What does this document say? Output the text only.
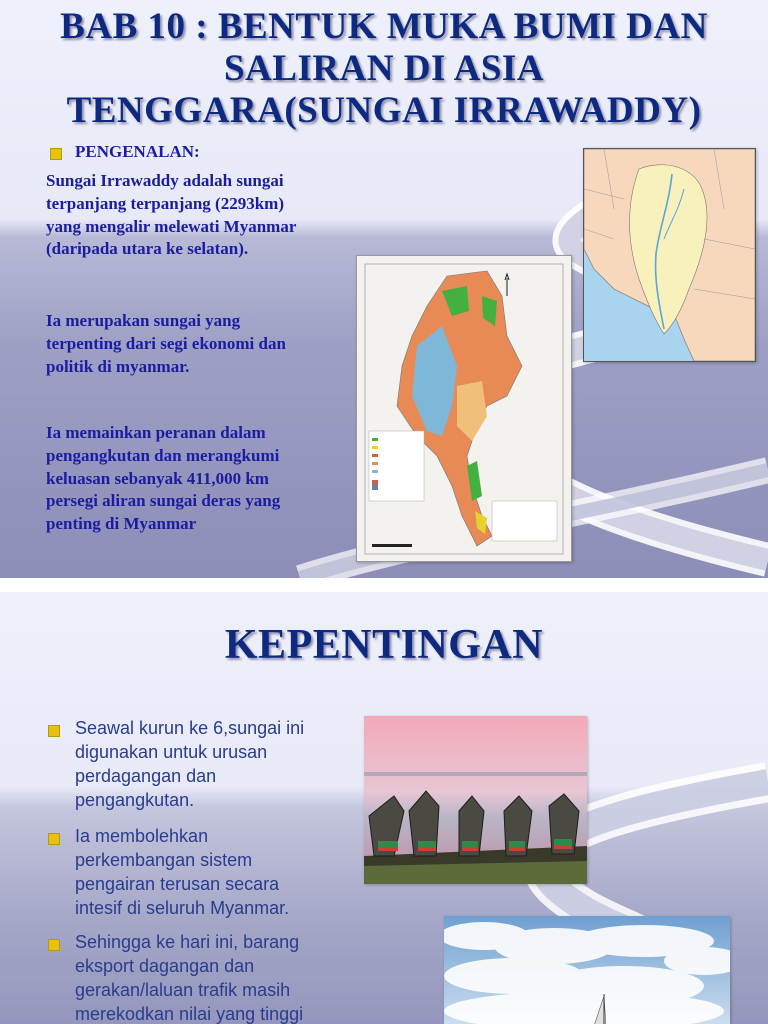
BAB 10 : BENTUK MUKA BUMI DAN
SALIRAN DI ASIA
TENGGARA(SUNGAI IRRAWADDY)
PENGENALAN:
Sungai Irrawaddy adalah sungai
terpanjang terpanjang (2293km)
yang mengalir melewati Myanmar
(daripada utara ke selatan).
Ia merupakan sungai yang
terpenting dari segi ekonomi dan
politik di myanmar.
Ia memainkan peranan dalam
pengangkutan dan merangkumi
keluasan sebanyak 411,000 km
persegi aliran sungai deras yang
penting di Myanmar
KEPENTINGAN
Seawal kurun ke 6,sungai ini
digunakan untuk urusan
perdagangan dan
pengangkutan.
Ia membolehkan
perkembangan sistem
pengairan terusan secara
intesif di seluruh Myanmar.
Sehingga ke hari ini, barang
eksport dagangan dan
gerakan/laluan trafik masih
merekodkan nilai yang tinggi
